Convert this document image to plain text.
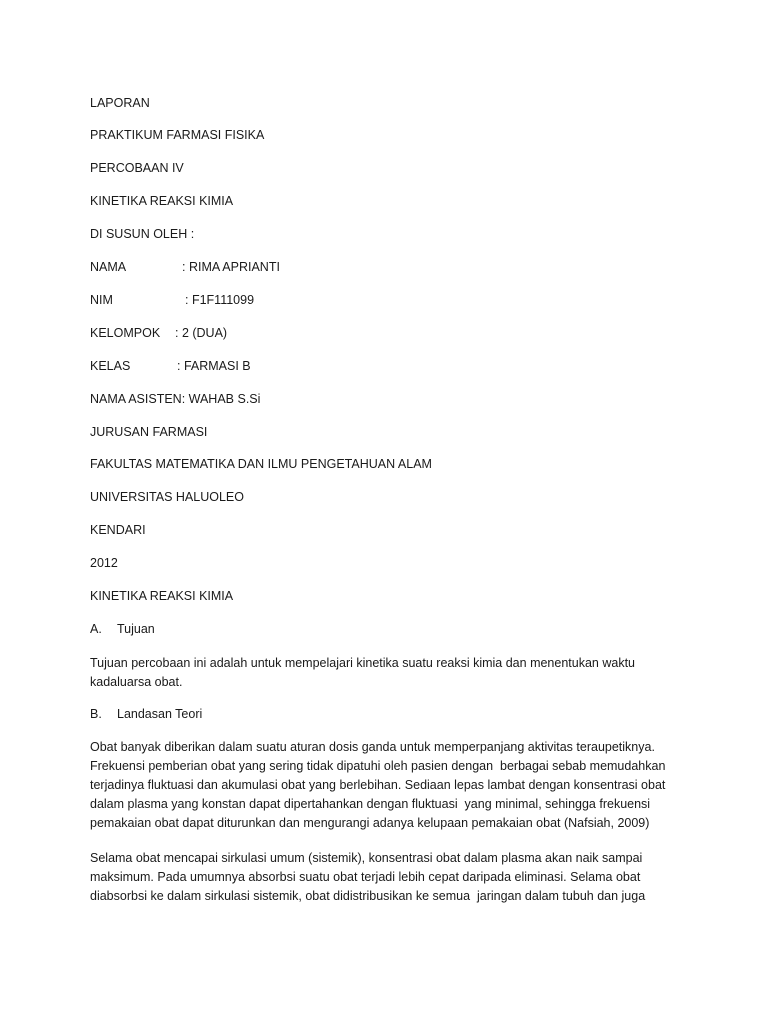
LAPORAN
PRAKTIKUM FARMASI FISIKA
PERCOBAAN IV
KINETIKA REAKSI KIMIA
DI SUSUN OLEH :
NAMA	: RIMA APRIANTI
NIM	: F1F111099
KELOMPOK : 2 (DUA)
KELAS	: FARMASI B
NAMA ASISTEN: WAHAB S.Si
JURUSAN FARMASI
FAKULTAS MATEMATIKA DAN ILMU PENGETAHUAN ALAM
UNIVERSITAS HALUOLEO
KENDARI
2012
KINETIKA REAKSI KIMIA
A. Tujuan
Tujuan percobaan ini adalah untuk mempelajari kinetika suatu reaksi kimia dan menentukan waktu
kadaluarsa obat.
B. Landasan Teori
Obat banyak diberikan dalam suatu aturan dosis ganda untuk memperpanjang aktivitas teraupetiknya.
Frekuensi pemberian obat yang sering tidak dipatuhi oleh pasien dengan  berbagai sebab memudahkan
terjadinya fluktuasi dan akumulasi obat yang berlebihan. Sediaan lepas lambat dengan konsentrasi obat
dalam plasma yang konstan dapat dipertahankan dengan fluktuasi  yang minimal, sehingga frekuensi
pemakaian obat dapat diturunkan dan mengurangi adanya kelupaan pemakaian obat (Nafsiah, 2009)
Selama obat mencapai sirkulasi umum (sistemik), konsentrasi obat dalam plasma akan naik sampai
maksimum. Pada umumnya absorbsi suatu obat terjadi lebih cepat daripada eliminasi. Selama obat
diabsorbsi ke dalam sirkulasi sistemik, obat didistribusikan ke semua  jaringan dalam tubuh dan juga
